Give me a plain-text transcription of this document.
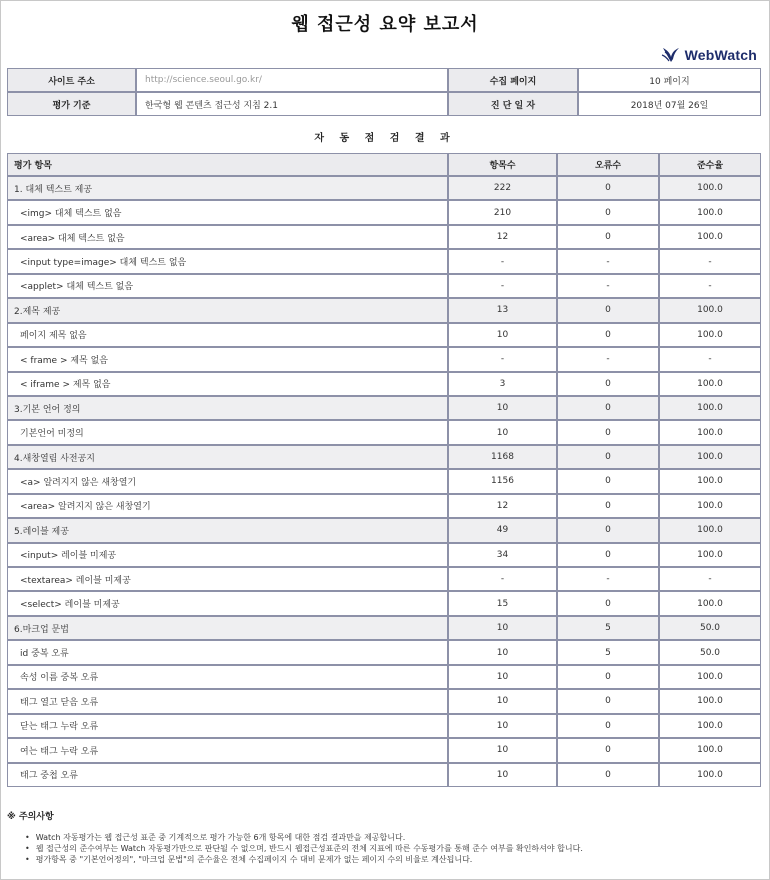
웹 접근성 요약 보고서
WebWatch
사이트 주소	http://science.seoul.go.kr/	수집 페이지	10 페이지
평가 기준	한국형 웹 콘텐츠 접근성 지침 2.1	진 단 일 자	2018년 07월 26일
자 동 점 검 결 과
평가 항목	항목수	오류수	준수율
1. 대체 텍스트 제공	222	0	100.0
<img> 대체 텍스트 없음	210	0	100.0
<area> 대체 텍스트 없음	12	0	100.0
<input type=image> 대체 텍스트 없음	-	-	-
<applet> 대체 텍스트 없음	-	-	-
2.제목 제공	13	0	100.0
페이지 제목 없음	10	0	100.0
< frame > 제목 없음	-	-	-
< iframe > 제목 없음	3	0	100.0
3.기본 언어 정의	10	0	100.0
기본언어 미정의	10	0	100.0
4.새창열림 사전공지	1168	0	100.0
<a> 알려지지 않은 새창열기	1156	0	100.0
<area> 알려지지 않은 새창열기	12	0	100.0
5.레이블 제공	49	0	100.0
<input> 레이블 미제공	34	0	100.0
<textarea> 레이블 미제공	-	-	-
<select> 레이블 미제공	15	0	100.0
6.마크업 문법	10	5	50.0
id 중복 오류	10	5	50.0
속성 이름 중복 오류	10	0	100.0
태그 열고 닫음 오류	10	0	100.0
닫는 태그 누락 오류	10	0	100.0
여는 태그 누락 오류	10	0	100.0
태그 중첩 오류	10	0	100.0
※ 주의사항
• Watch 자동평가는 웹 접근성 표준 중 기계적으로 평가 가능한 6개 항목에 대한 점검 결과만을 제공합니다.
• 웹 접근성의 준수여부는 Watch 자동평가만으로 판단될 수 없으며, 반드시 웹접근성표준의 전체 지표에 따른 수동평가를 통해 준수 여부를 확인하셔야 합니다.
• 평가항목 중 "기본언어정의", "마크업 문법"의 준수율은 전체 수집페이지 수 대비 문제가 없는 페이지 수의 비율로 계산됩니다.
